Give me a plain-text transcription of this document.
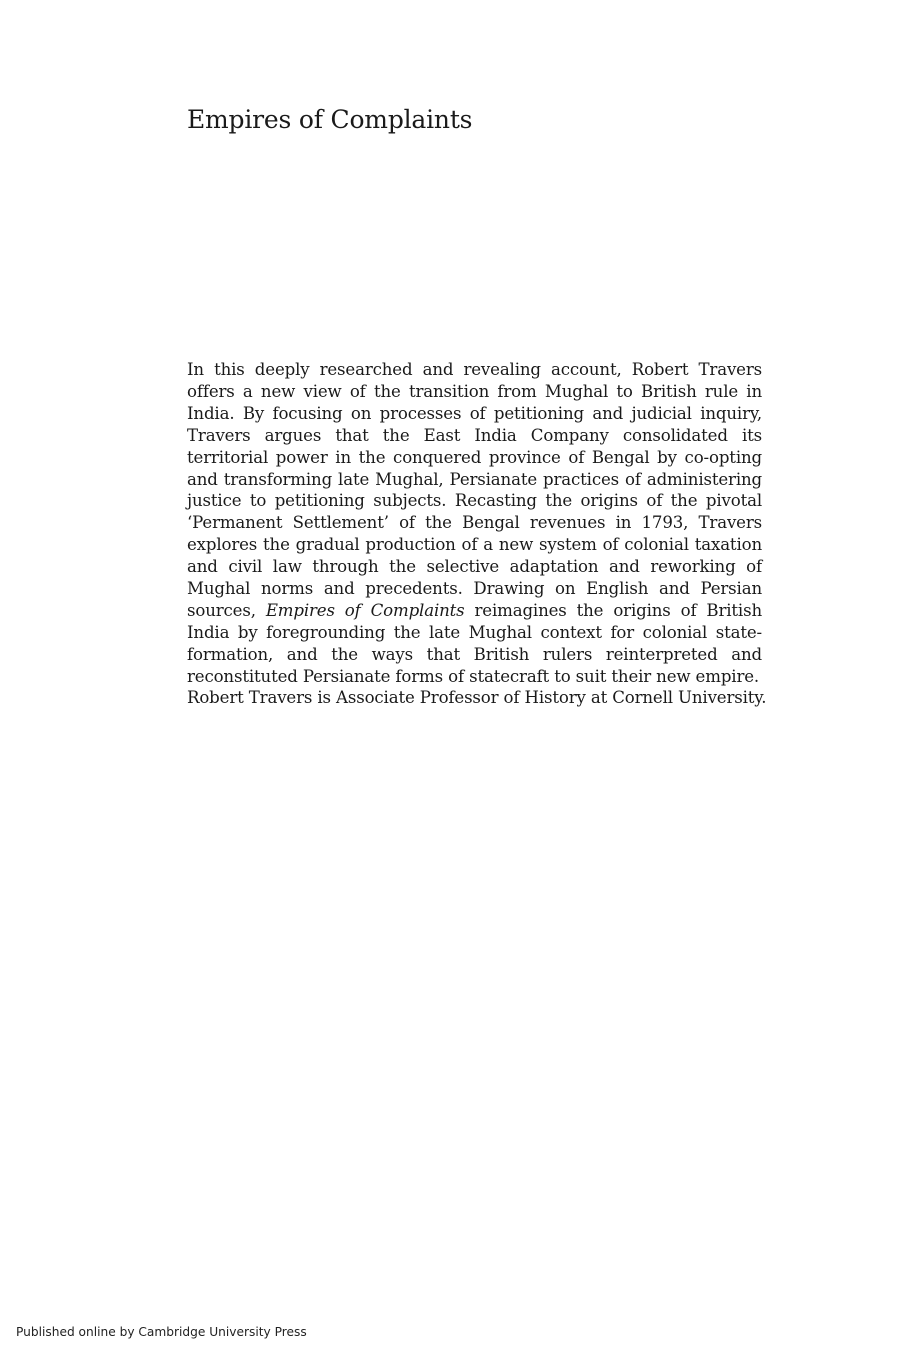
Empires of Complaints

In this deeply researched and revealing account, Robert Travers offers a new view of the transition from Mughal to British rule in India. By focusing on processes of petitioning and judicial inquiry, Travers argues that the East India Company consolidated its territorial power in the conquered province of Bengal by co-opting and transforming late Mughal, Persianate practices of administering justice to petitioning subjects. Recasting the origins of the pivotal ‘Permanent Settlement’ of the Bengal revenues in 1793, Travers explores the gradual production of a new system of colonial taxation and civil law through the selective adaptation and reworking of Mughal norms and precedents. Drawing on English and Persian sources, Empires of Complaints reimagines the origins of British India by foregrounding the late Mughal context for colonial state-formation, and the ways that British rulers reinterpreted and reconstituted Persianate forms of statecraft to suit their new empire.

Robert Travers is Associate Professor of History at Cornell University.

Published online by Cambridge University Press
